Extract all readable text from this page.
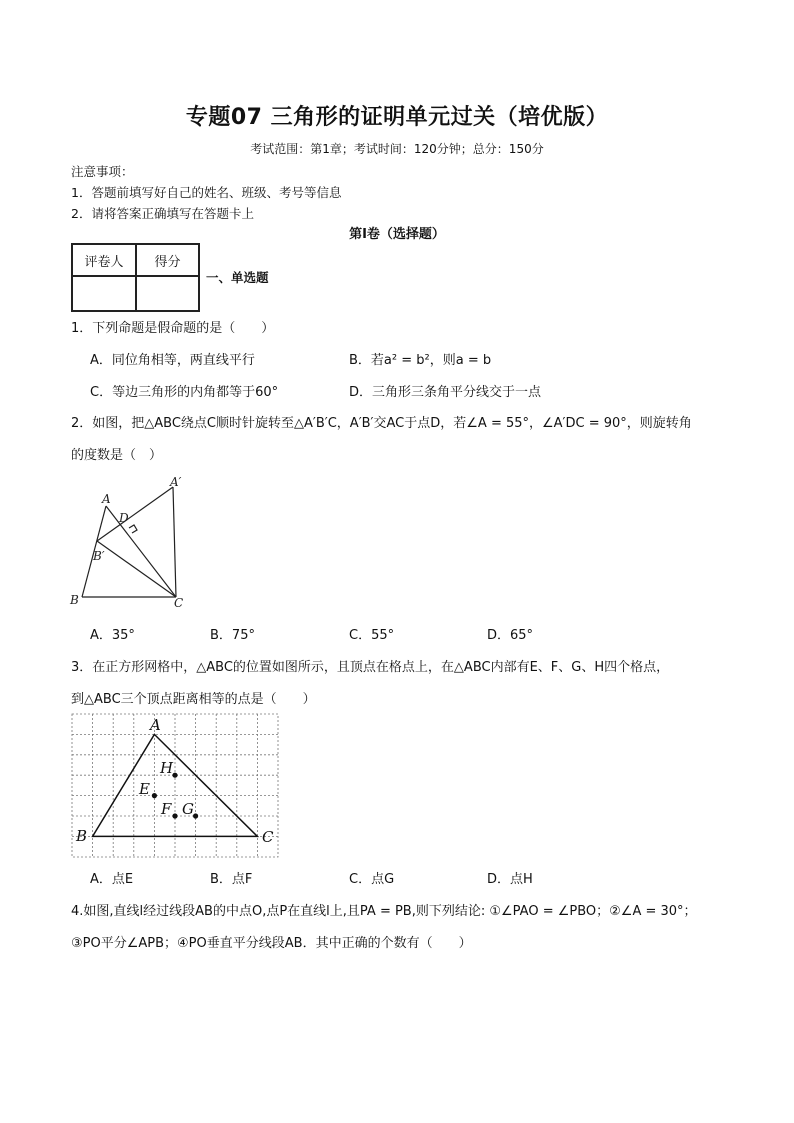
专题07 三角形的证明单元过关（培优版）
考试范围：第1章；考试时间：120分钟；总分：150分
注意事项：
1．答题前填写好自己的姓名、班级、考号等信息
2．请将答案正确填写在答题卡上
第Ⅰ卷（选择题）
评卷人	得分

一、单选题
1．下列命题是假命题的是（　　）
A．同位角相等，两直线平行	B．若a² = b²，则a = b
C．等边三角形的内角都等于60°	D．三角形三条角平分线交于一点
2．如图，把△ABC绕点C顺时针旋转至△A′B′C，A′B′交AC于点D，若∠A = 55°，∠A′DC = 90°，则旋转角
的度数是（　）
A
A′
D
B′
B	C
A．35°	B．75°	C．55°	D．65°
3．在正方形网格中，△ABC的位置如图所示，且顶点在格点上，在△ABC内部有E、F、G、H四个格点，
到△ABC三个顶点距离相等的点是（　　）
A
B	C
H
E
F G
A．点E	B．点F	C．点G	D．点H
4.如图,直线l经过线段AB的中点O,点P在直线l上,且PA = PB,则下列结论: ①∠PAO = ∠PBO；②∠A = 30°；
③PO平分∠APB；④PO垂直平分线段AB．其中正确的个数有（　　）
